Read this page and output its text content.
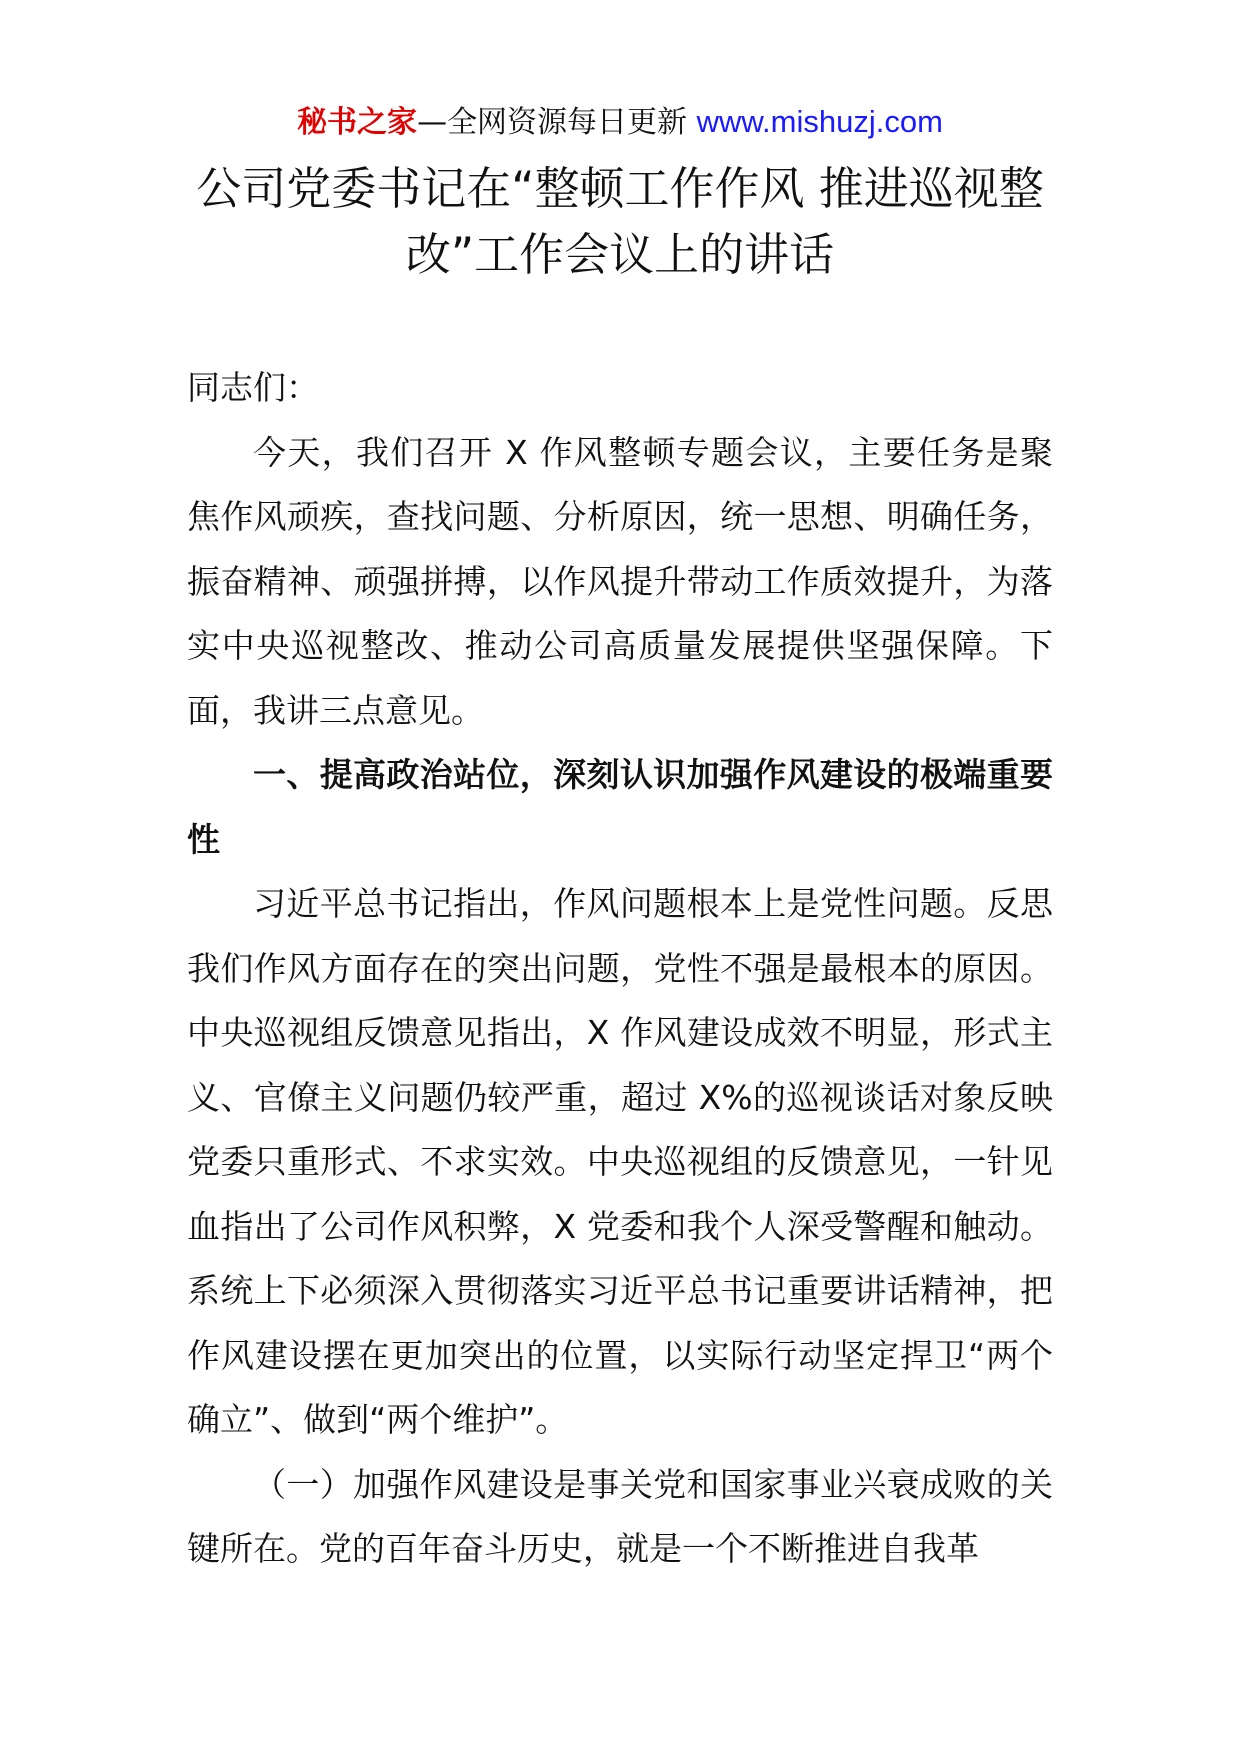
秘书之家—全网资源每日更新 www.mishuzj.com
公司党委书记在“整顿工作作风 推进巡视整改”工作会议上的讲话

同志们：

今天，我们召开 X 作风整顿专题会议，主要任务是聚焦作风顽疾，查找问题、分析原因，统一思想、明确任务，振奋精神、顽强拼搏，以作风提升带动工作质效提升，为落实中央巡视整改、推动公司高质量发展提供坚强保障。下面，我讲三点意见。

一、提高政治站位，深刻认识加强作风建设的极端重要性

习近平总书记指出，作风问题根本上是党性问题。反思我们作风方面存在的突出问题，党性不强是最根本的原因。中央巡视组反馈意见指出，X 作风建设成效不明显，形式主义、官僚主义问题仍较严重，超过 X%的巡视谈话对象反映党委只重形式、不求实效。中央巡视组的反馈意见，一针见血指出了公司作风积弊，X 党委和我个人深受警醒和触动。系统上下必须深入贯彻落实习近平总书记重要讲话精神，把作风建设摆在更加突出的位置，以实际行动坚定捍卫“两个确立”、做到“两个维护”。

（一）加强作风建设是事关党和国家事业兴衰成败的关键所在。党的百年奋斗历史，就是一个不断推进自我革
